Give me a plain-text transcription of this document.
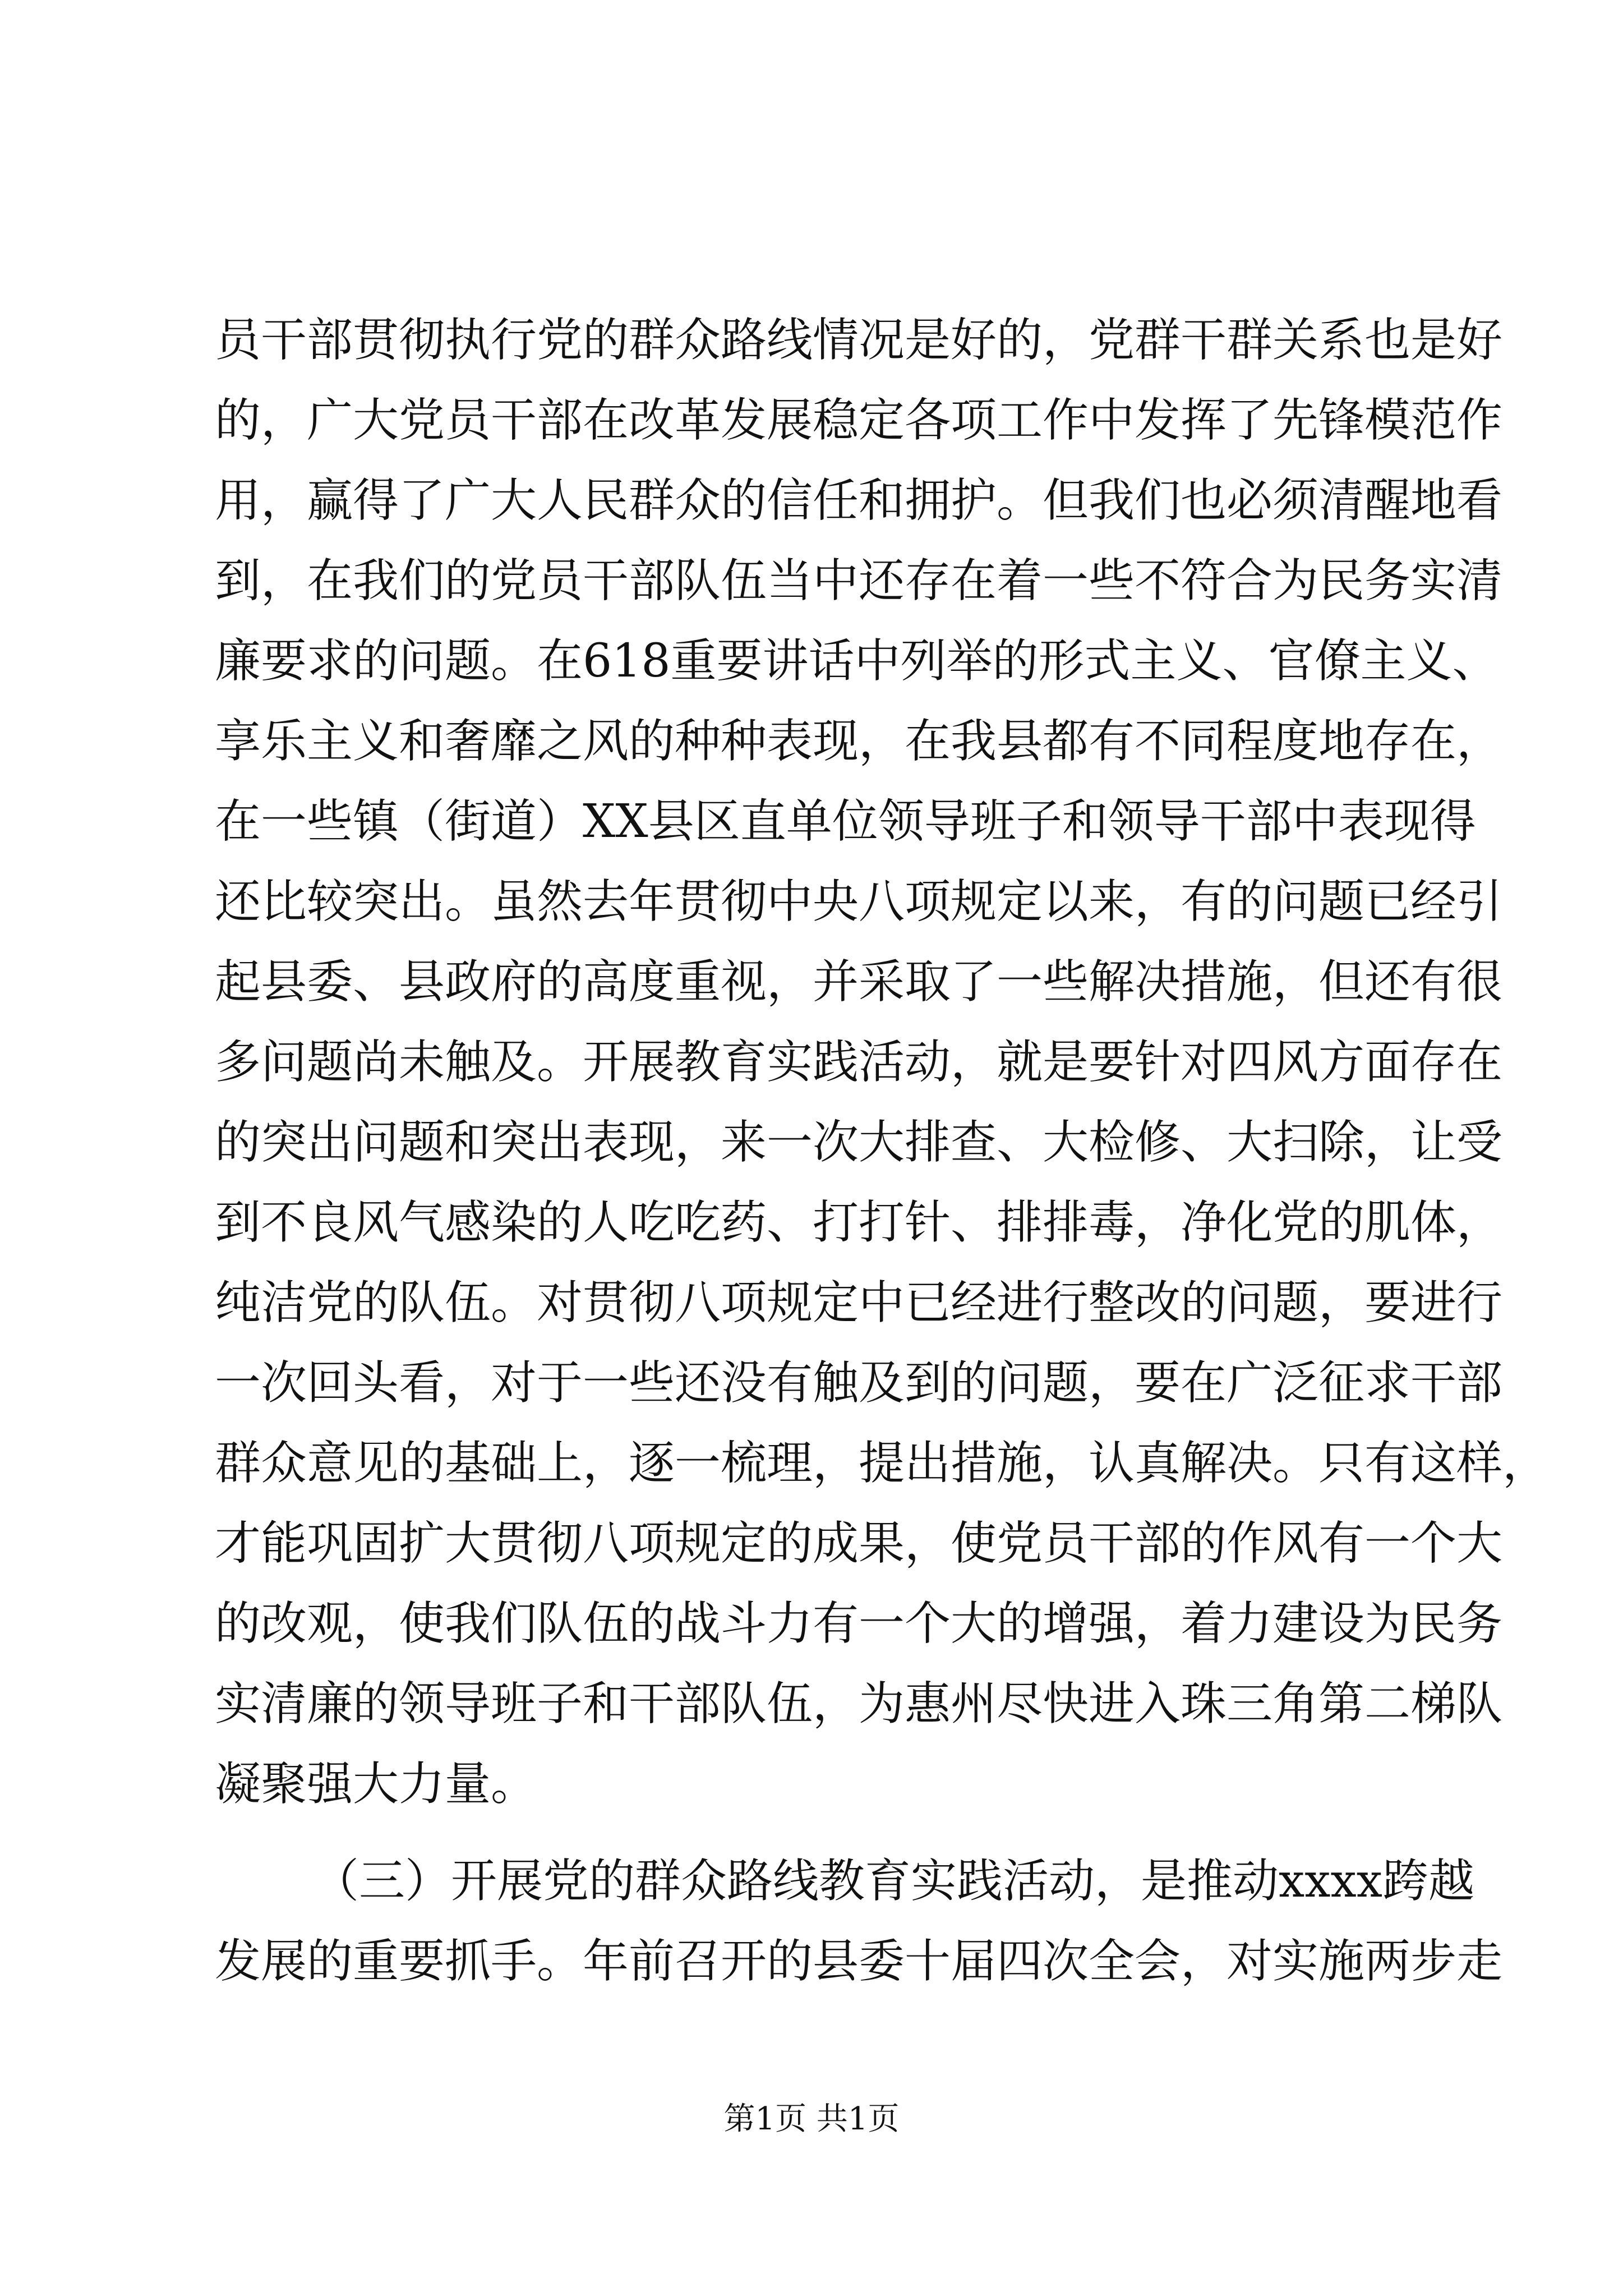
员干部贯彻执行党的群众路线情况是好的，党群干群关系也是好
的，广大党员干部在改革发展稳定各项工作中发挥了先锋模范作
用，赢得了广大人民群众的信任和拥护。但我们也必须清醒地看
到，在我们的党员干部队伍当中还存在着一些不符合为民务实清
廉要求的问题。在618重要讲话中列举的形式主义、官僚主义、
享乐主义和奢靡之风的种种表现，在我县都有不同程度地存在，
在一些镇（街道）XX县区直单位领导班子和领导干部中表现得
还比较突出。虽然去年贯彻中央八项规定以来，有的问题已经引
起县委、县政府的高度重视，并采取了一些解决措施，但还有很
多问题尚未触及。开展教育实践活动，就是要针对四风方面存在
的突出问题和突出表现，来一次大排查、大检修、大扫除，让受
到不良风气感染的人吃吃药、打打针、排排毒，净化党的肌体，
纯洁党的队伍。对贯彻八项规定中已经进行整改的问题，要进行
一次回头看，对于一些还没有触及到的问题，要在广泛征求干部
群众意见的基础上，逐一梳理，提出措施，认真解决。只有这样，
才能巩固扩大贯彻八项规定的成果，使党员干部的作风有一个大
的改观，使我们队伍的战斗力有一个大的增强，着力建设为民务
实清廉的领导班子和干部队伍，为惠州尽快进入珠三角第二梯队
凝聚强大力量。
（三）开展党的群众路线教育实践活动，是推动xxxx跨越
发展的重要抓手。年前召开的县委十届四次全会，对实施两步走
第1页 共1页
